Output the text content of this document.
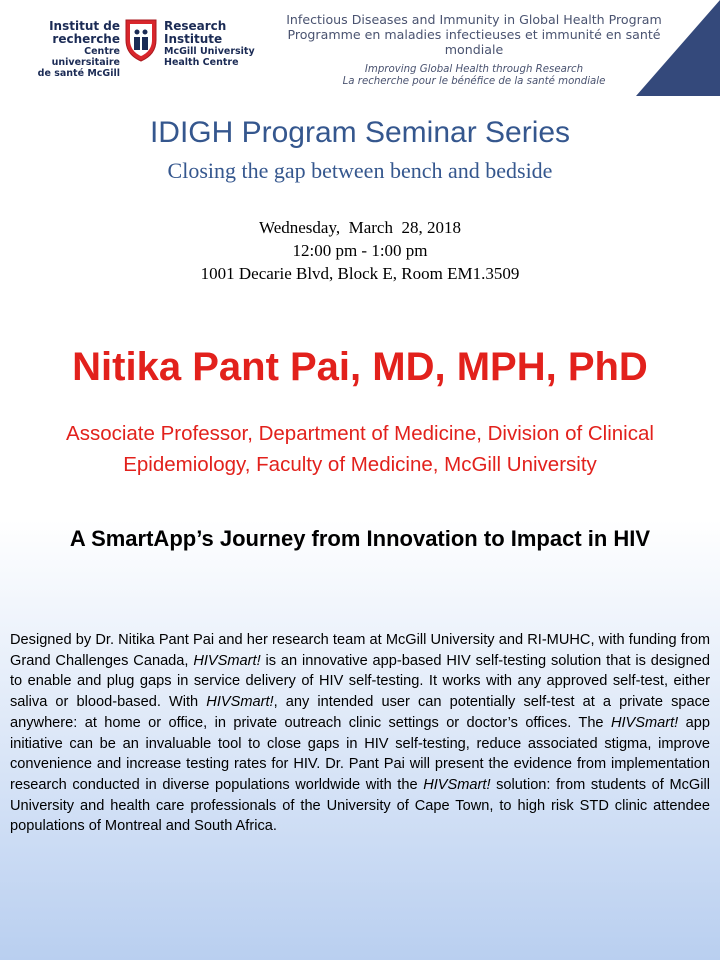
Institut de
recherche
Centre universitaire
de santé McGill
Research
Institute
McGill University
Health Centre
Infectious Diseases and Immunity in Global Health Program
Programme en maladies infectieuses et immunité en santé mondiale
Improving Global Health through Research
La recherche pour le bénéfice de la santé mondiale
IDIGH Program Seminar Series
Closing the gap between bench and bedside
Wednesday,  March  28, 2018
12:00 pm - 1:00 pm
1001 Decarie Blvd, Block E, Room EM1.3509
Nitika Pant Pai, MD, MPH, PhD
Associate Professor, Department of Medicine, Division of Clinical
Epidemiology, Faculty of Medicine, McGill University
A SmartApp’s Journey from Innovation to Impact in HIV
Designed by Dr. Nitika Pant Pai and her research team at McGill University and RI-MUHC, with funding from Grand Challenges Canada, HIVSmart! is an innovative app-based HIV self-testing solution that is designed to enable and plug gaps in service delivery of HIV self-testing. It works with any approved self-test, either saliva or blood-based. With HIVSmart!, any intended user can potentially self-test at a private space anywhere: at home or office, in private outreach clinic settings or doctor’s offices. The HIVSmart! app initiative can be an invaluable tool to close gaps in HIV self-testing, reduce associated stigma, improve convenience and increase testing rates for HIV. Dr. Pant Pai will present the evidence from implementation research conducted in diverse populations worldwide with the HIVSmart! solution: from students of McGill University and health care professionals of the University of Cape Town, to high risk STD clinic attendee populations of Montreal and South Africa.
